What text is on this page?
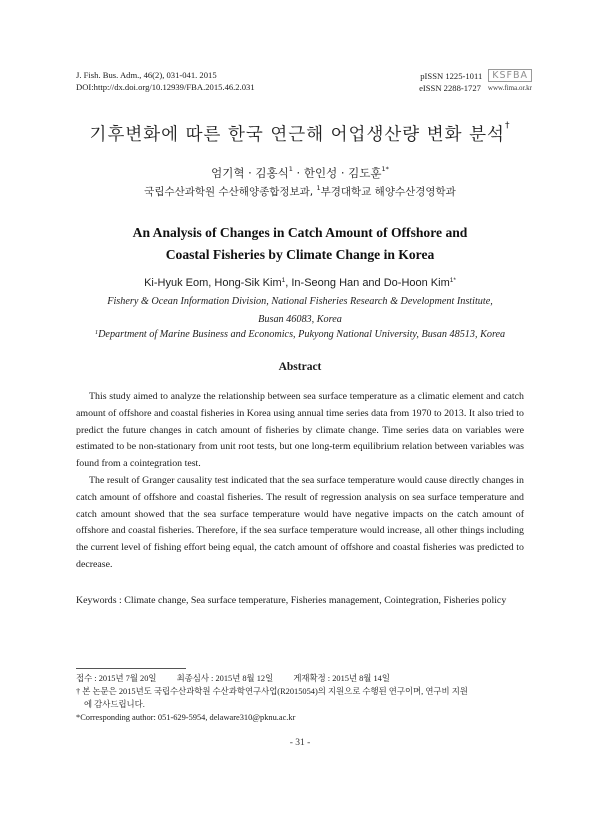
J. Fish. Bus. Adm., 46(2), 031-041. 2015
DOI:http://dx.doi.org/10.12939/FBA.2015.46.2.031
pISSN 1225-1011	KSFBA
eISSN 2288-1727 www.fima.or.kr
기후변화에 따른 한국 연근해 어업생산량 변화 분석†
엄기혁 · 김홍식$^1$ · 한인성 · 김도훈$^{1*}$
국립수산과학원 수산해양종합정보과, $^1$부경대학교 해양수산경영학과
An Analysis of Changes in Catch Amount of Offshore and
Coastal Fisheries by Climate Change in Korea
Ki-Hyuk Eom, Hong-Sik Kim$^1$, In-Seong Han and Do-Hoon Kim$^{1*}$
Fishery & Ocean Information Division, National Fisheries Research & Development Institute,
Busan 46083, Korea
$^1$Department of Marine Business and Economics, Pukyong National University, Busan 48513, Korea
Abstract

This study aimed to analyze the relationship between sea surface temperature as a climatic element and catch amount of offshore and coastal fisheries in Korea using annual time series data from 1970 to 2013. It also tried to predict the future changes in catch amount of fisheries by climate change. Time series data on variables were estimated to be non-stationary from unit root tests, but one long-term equilibrium relation between variables was found from a cointegration test.

The result of Granger causality test indicated that the sea surface temperature would cause directly changes in catch amount of offshore and coastal fisheries. The result of regression analysis on sea surface temperature and catch amount showed that the sea surface temperature would have negative impacts on the catch amount of offshore and coastal fisheries. Therefore, if the sea surface temperature would increase, all other things including the current level of fishing effort being equal, the catch amount of offshore and coastal fisheries was predicted to decrease.

Keywords : Climate change, Sea surface temperature, Fisheries management, Cointegration, Fisheries policy
접수 : 2015년 7월 20일 최종심사 : 2015년 8월 12일 게재확정 : 2015년 8월 14일
† 본 논문은 2015년도 국립수산과학원 수산과학연구사업(R2015054)의 지원으로 수행된 연구이며, 연구비 지원
에 감사드립니다.
*Corresponding author: 051-629-5954, delaware310@pknu.ac.kr
- 31 -
